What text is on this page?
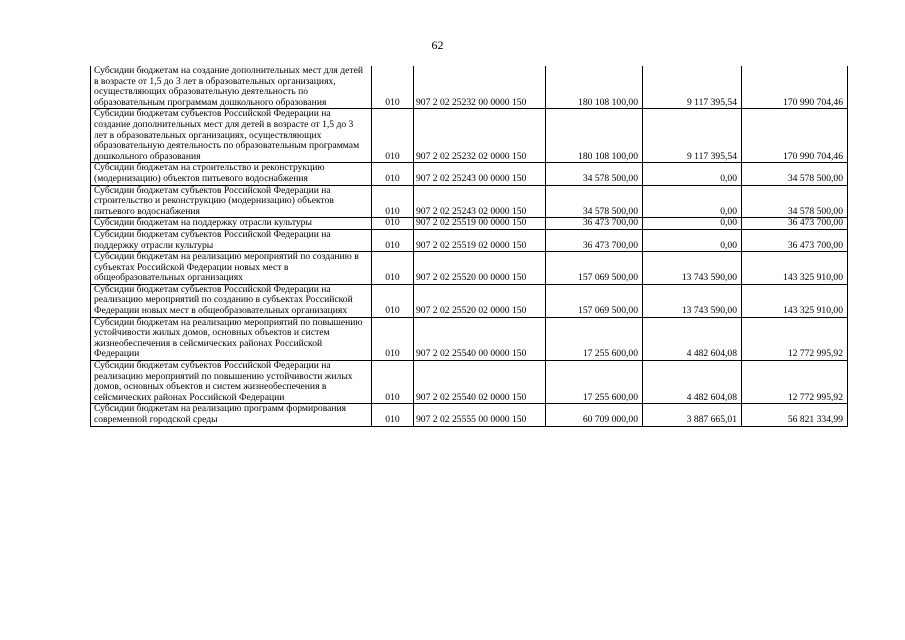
62
Субсидии бюджетам на создание дополнительных мест для детей в возрасте от 1,5 до 3 лет в образовательных организациях, осуществляющих образовательную деятельность по образовательным программам дошкольного образования	010	907 2 02 25232 00 0000 150	180 108 100,00	9 117 395,54	170 990 704,46
Субсидии бюджетам субъектов Российской Федерации на создание дополнительных мест для детей в возрасте от 1,5 до 3 лет в образовательных организациях, осуществляющих образовательную деятельность по образовательным программам дошкольного образования	010	907 2 02 25232 02 0000 150	180 108 100,00	9 117 395,54	170 990 704,46
Субсидии бюджетам на строительство и реконструкцию (модернизацию) объектов питьевого водоснабжения	010	907 2 02 25243 00 0000 150	34 578 500,00	0,00	34 578 500,00
Субсидии бюджетам субъектов Российской Федерации на строительство и реконструкцию (модернизацию) объектов питьевого водоснабжения	010	907 2 02 25243 02 0000 150	34 578 500,00	0,00	34 578 500,00
Субсидии бюджетам на поддержку отрасли культуры	010	907 2 02 25519 00 0000 150	36 473 700,00	0,00	36 473 700,00
Субсидии бюджетам субъектов Российской Федерации на поддержку отрасли культуры	010	907 2 02 25519 02 0000 150	36 473 700,00	0,00	36 473 700,00
Субсидии бюджетам на реализацию мероприятий по созданию в субъектах Российской Федерации новых мест в общеобразовательных организациях	010	907 2 02 25520 00 0000 150	157 069 500,00	13 743 590,00	143 325 910,00
Субсидии бюджетам субъектов Российской Федерации на реализацию мероприятий по созданию в субъектах Российской Федерации новых мест в общеобразовательных организациях	010	907 2 02 25520 02 0000 150	157 069 500,00	13 743 590,00	143 325 910,00
Субсидии бюджетам на реализацию мероприятий по повышению устойчивости жилых домов, основных объектов и систем жизнеобеспечения в сейсмических районах Российской Федерации	010	907 2 02 25540 00 0000 150	17 255 600,00	4 482 604,08	12 772 995,92
Субсидии бюджетам субъектов Российской Федерации на реализацию мероприятий по повышению устойчивости жилых домов, основных объектов и систем жизнеобеспечения в сейсмических районах Российской Федерации	010	907 2 02 25540 02 0000 150	17 255 600,00	4 482 604,08	12 772 995,92
Субсидии бюджетам на реализацию программ формирования современной городской среды	010	907 2 02 25555 00 0000 150	60 709 000,00	3 887 665,01	56 821 334,99
